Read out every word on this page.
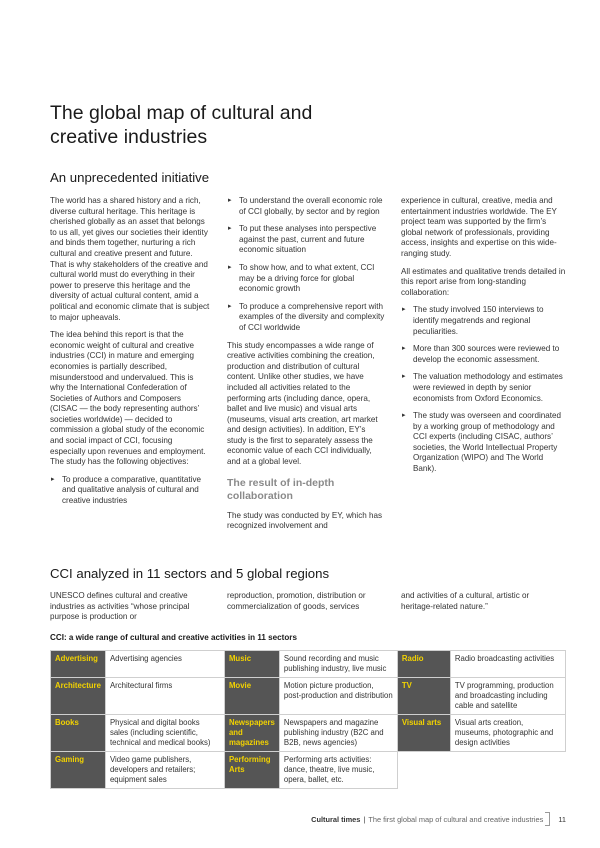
The global map of cultural and creative industries
An unprecedented initiative

The world has a shared history and a rich, diverse cultural heritage. This heritage is cherished globally as an asset that belongs to us all, yet gives our societies their identity and binds them together, nurturing a rich cultural and creative present and future. That is why stakeholders of the creative and cultural world must do everything in their power to preserve this heritage and the diversity of actual cultural content, amid a political and economic climate that is subject to major upheavals.

The idea behind this report is that the economic weight of cultural and creative industries (CCI) in mature and emerging economies is partially described, misunderstood and undervalued. This is why the International Confederation of Societies of Authors and Composers (CISAC — the body representing authors’ societies worldwide) — decided to commission a global study of the economic and social impact of CCI, focusing especially upon revenues and employment. The study has the following objectives:

▸ To produce a comparative, quantitative and qualitative analysis of cultural and creative industries
▸ To understand the overall economic role of CCI globally, by sector and by region
▸ To put these analyses into perspective against the past, current and future economic situation
▸ To show how, and to what extent, CCI may be a driving force for global economic growth
▸ To produce a comprehensive report with examples of the diversity and complexity of CCI worldwide

This study encompasses a wide range of creative activities combining the creation, production and distribution of cultural content. Unlike other studies, we have included all activities related to the performing arts (including dance, opera, ballet and live music) and visual arts (museums, visual arts creation, art market and design activities). In addition, EY’s study is the first to separately assess the economic value of each CCI individually, and at a global level.

The result of in-depth collaboration

The study was conducted by EY, which has recognized involvement and

experience in cultural, creative, media and entertainment industries worldwide. The EY project team was supported by the firm’s global network of professionals, providing access, insights and expertise on this wide-ranging study.

All estimates and qualitative trends detailed in this report arise from long-standing collaboration:

▸ The study involved 150 interviews to identify megatrends and regional peculiarities.
▸ More than 300 sources were reviewed to develop the economic assessment.
▸ The valuation methodology and estimates were reviewed in depth by senior economists from Oxford Economics.
▸ The study was overseen and coordinated by a working group of methodology and CCI experts (including CISAC, authors’ societies, the World Intellectual Property Organization (WIPO) and The World Bank).
CCI analyzed in 11 sectors and 5 global regions
UNESCO defines cultural and creative industries as activities “whose principal purpose is production or
reproduction, promotion, distribution or commercialization of goods, services
and activities of a cultural, artistic or heritage-related nature.”
CCI: a wide range of cultural and creative activities in 11 sectors
Advertising	Advertising agencies	Music	Sound recording and music publishing industry, live music	Radio	Radio broadcasting activities
Architecture	Architectural firms	Movie	Motion picture production, post-production and distribution	TV	TV programming, production and broadcasting including cable and satellite
Books	Physical and digital books sales (including scientific, technical and medical books)	Newspapers and magazines	Newspapers and magazine publishing industry (B2C and B2B, news agencies)	Visual arts	Visual arts creation, museums, photographic and design activities
Gaming	Video game publishers, developers and retailers; equipment sales	Performing Arts	Performing arts activities: dance, theatre, live music, opera, ballet, etc.		
Cultural times | The first global map of cultural and creative industries 11
